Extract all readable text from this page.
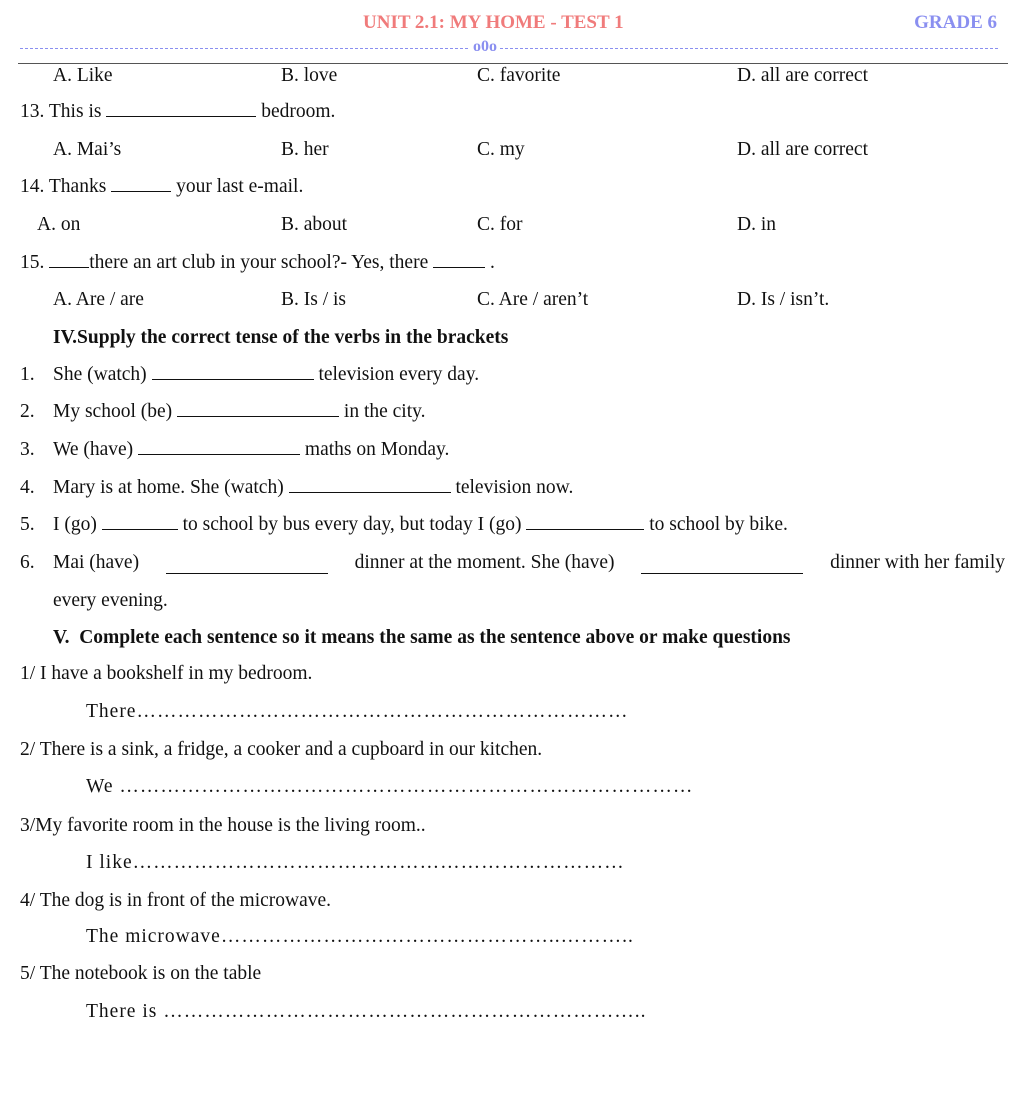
UNIT 2.1: MY HOME - TEST 1	GRADE 6
o0o
A. Like	B. love	C. favorite	D. all are correct
13. This is	bedroom.
A. Mai’s	B. her	C. my	D. all are correct
14. Thanks	your last e-mail.
A. on	B. about	C. for	D. in
15. there an art club in your school?- Yes, there	.
A. Are / are	B. Is / is	C. Are / aren’t	D. Is / isn’t.
IV.Supply the correct tense of the verbs in the brackets
1. She (watch)	television every day.
2. My school (be)	in the city.
3. We (have)	maths on Monday.
4. Mary is at home. She (watch)	television now.
5. I (go)	to school by bus every day, but today I (go)	to school by bike.
6. Mai (have)	dinner at the moment. She (have)	dinner with her family
every evening.
V. Complete each sentence so it means the same as the sentence above or make questions
1/ I have a bookshelf in my bedroom.
There………………………………………………………………
2/ There is a sink, a fridge, a cooker and a cupboard in our kitchen.
We …………………………………………………………………………
3/My favorite room in the house is the living room..
I like………………………………………………………………
4/ The dog is in front of the microwave.
The microwave…………………………………………..………..
5/ The notebook is on the table
There is ……………………………………………………………..
